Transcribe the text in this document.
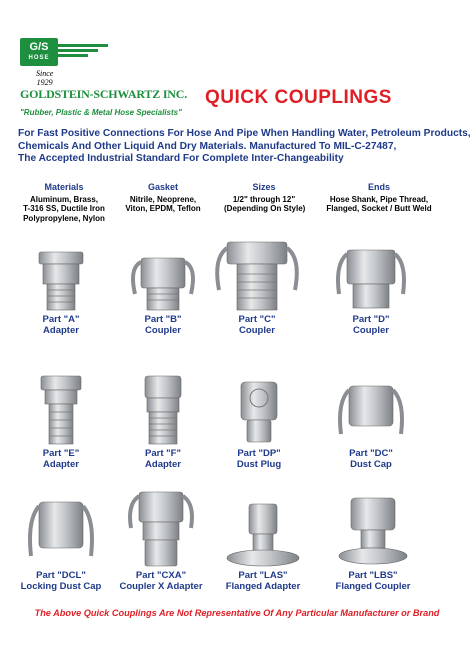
G/S
HOSE
Since
1929
GOLDSTEIN-SCHWARTZ INC.
"Rubber, Plastic & Metal Hose Specialists"
QUICK COUPLINGS
For Fast Positive Connections For Hose And Pipe When Handling Water, Petroleum Products,
Chemicals And Other Liquid And Dry Materials. Manufactured To MIL-C-27487,
The Accepted Industrial Standard For Complete Inter-Changeability
Materials
Aluminum, Brass,
T-316 SS, Ductile Iron
Polypropylene, Nylon
Gasket
Nitrile, Neoprene,
Viton, EPDM, Teflon
Sizes
1/2" through 12"
(Depending On Style)
Ends
Hose Shank, Pipe Thread,
Flanged, Socket / Butt Weld
Part "A"
Adapter
Part "B"
Coupler
Part "C"
Coupler
Part "D"
Coupler
Part "E"
Adapter
Part "F"
Adapter
Part "DP"
Dust Plug
Part "DC"
Dust Cap
Part "DCL"
Locking Dust Cap
Part "CXA"
Coupler X Adapter
Part "LAS"
Flanged Adapter
Part "LBS"
Flanged Coupler
The Above Quick Couplings Are Not Representative Of Any Particular Manufacturer or Brand
